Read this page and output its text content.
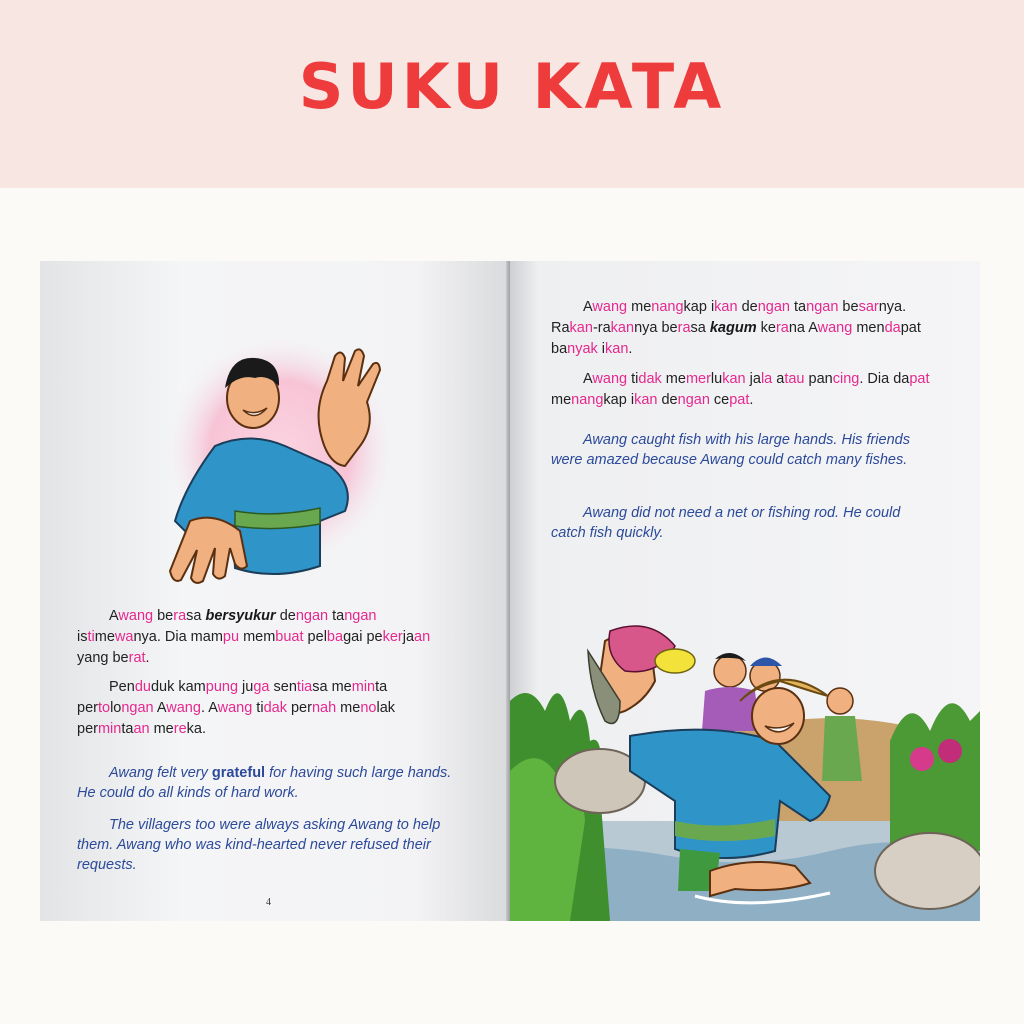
SUKU KATA

Awang berasa bersyukur dengan tangan istimewanya. Dia mampu membuat pelbagai pekerjaan yang berat.

Penduduk kampung juga sentiasa meminta pertolongan Awang. Awang tidak pernah menolak permintaan mereka.

Awang felt very grateful for having such large hands. He could do all kinds of hard work.

The villagers too were always asking Awang to help them. Awang who was kind-hearted never refused their requests.

4

Awang menangkap ikan dengan tangan besarnya. Rakan-rakannya berasa kagum kerana Awang mendapat banyak ikan.

Awang tidak memerlukan jala atau pancing. Dia dapat menangkap ikan dengan cepat.

Awang caught fish with his large hands. His friends were amazed because Awang could catch many fishes.

Awang did not need a net or fishing rod. He could catch fish quickly.
